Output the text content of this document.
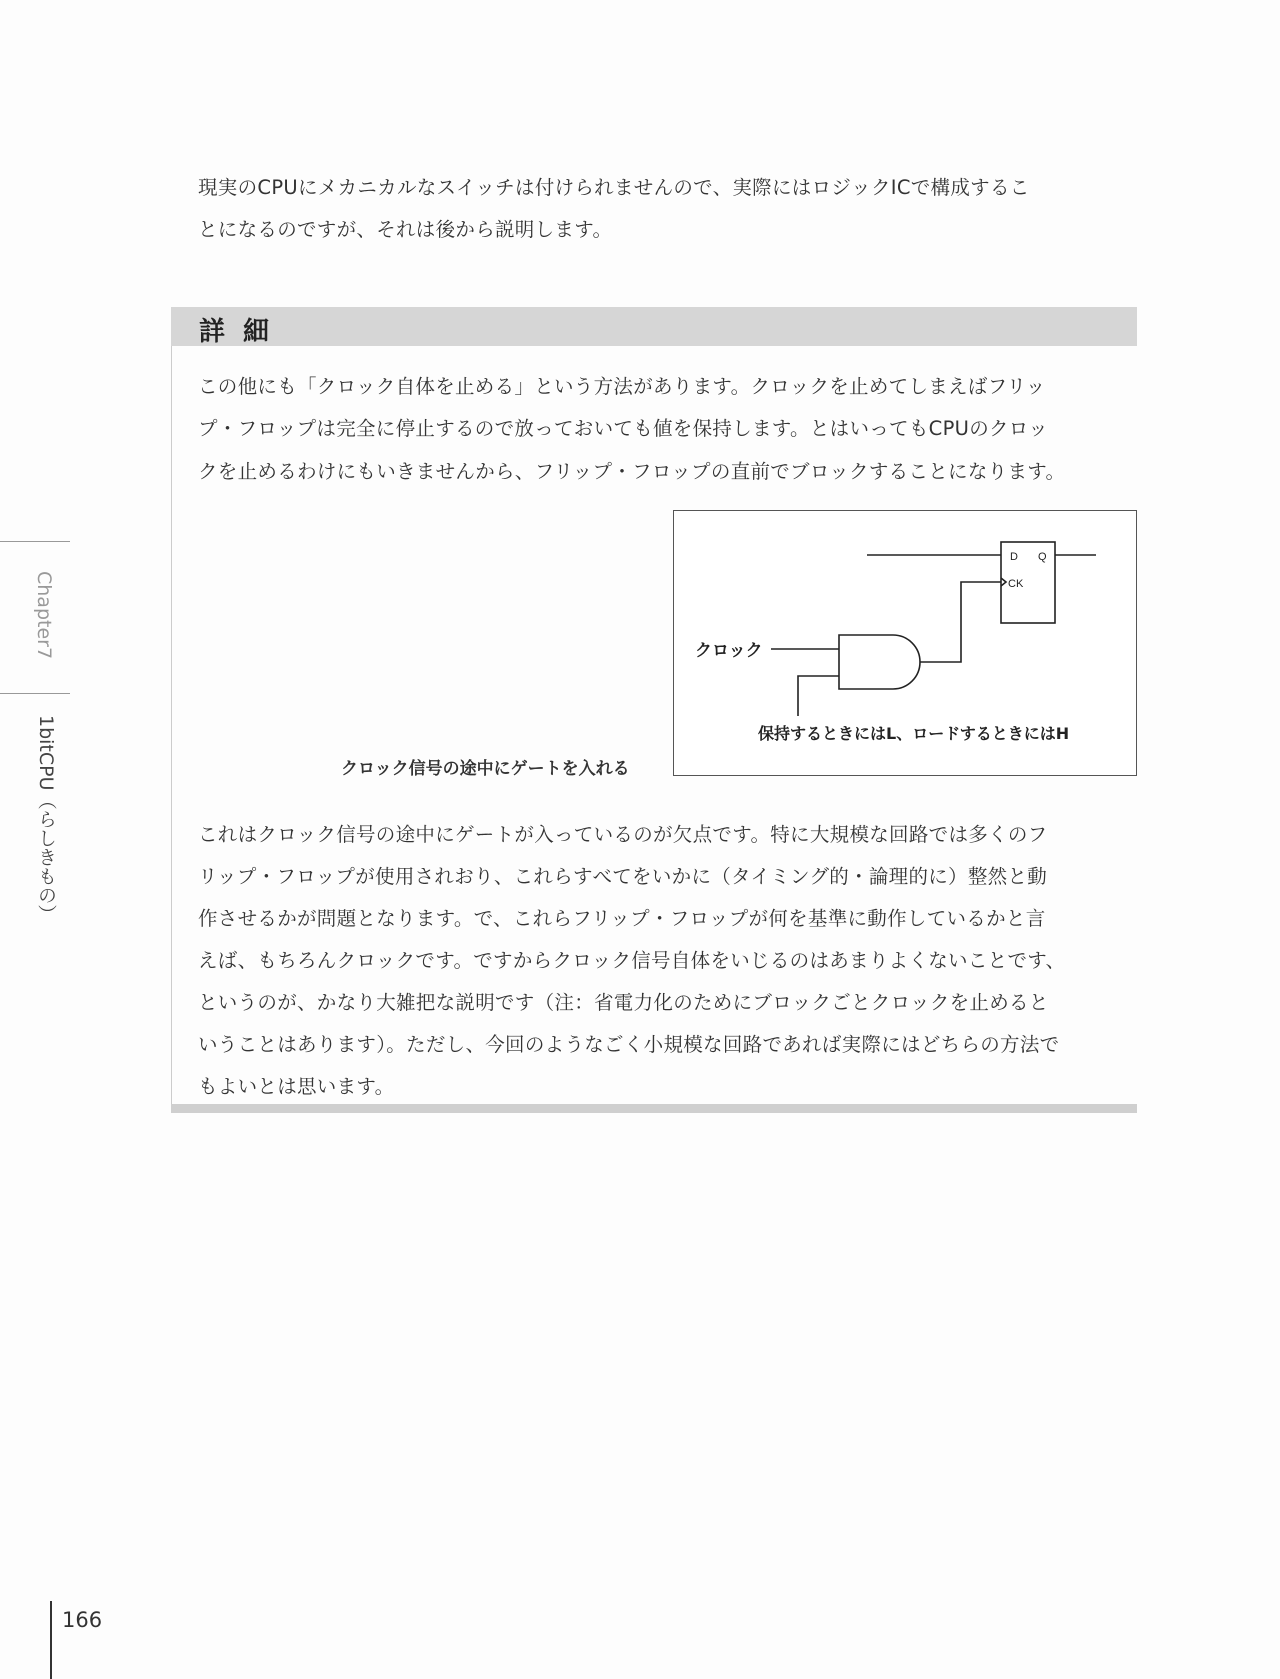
現実のCPUにメカニカルなスイッチは付けられませんので、実際にはロジックICで構成するこ
とになるのですが、それは後から説明します。
詳細
この他にも「クロック自体を止める」という方法があります。クロックを止めてしまえばフリッ
プ・フロップは完全に停止するので放っておいても値を保持します。とはいってもCPUのクロッ
クを止めるわけにもいきませんから、フリップ・フロップの直前でブロックすることになります。
D Q
CK
クロック
保持するときにはL、ロードするときにはH
クロック信号の途中にゲートを入れる
これはクロック信号の途中にゲートが入っているのが欠点です。特に大規模な回路では多くのフ
リップ・フロップが使用されおり、これらすべてをいかに（タイミング的・論理的に）整然と動
作させるかが問題となります。で、これらフリップ・フロップが何を基準に動作しているかと言
えば、もちろんクロックです。ですからクロック信号自体をいじるのはあまりよくないことです、
というのが、かなり大雑把な説明です（注：省電力化のためにブロックごとクロックを止めると
いうことはあります）。ただし、今回のようなごく小規模な回路であれば実際にはどちらの方法で
もよいとは思います。
Chapter7
1bitCPU（らしきもの）
166
